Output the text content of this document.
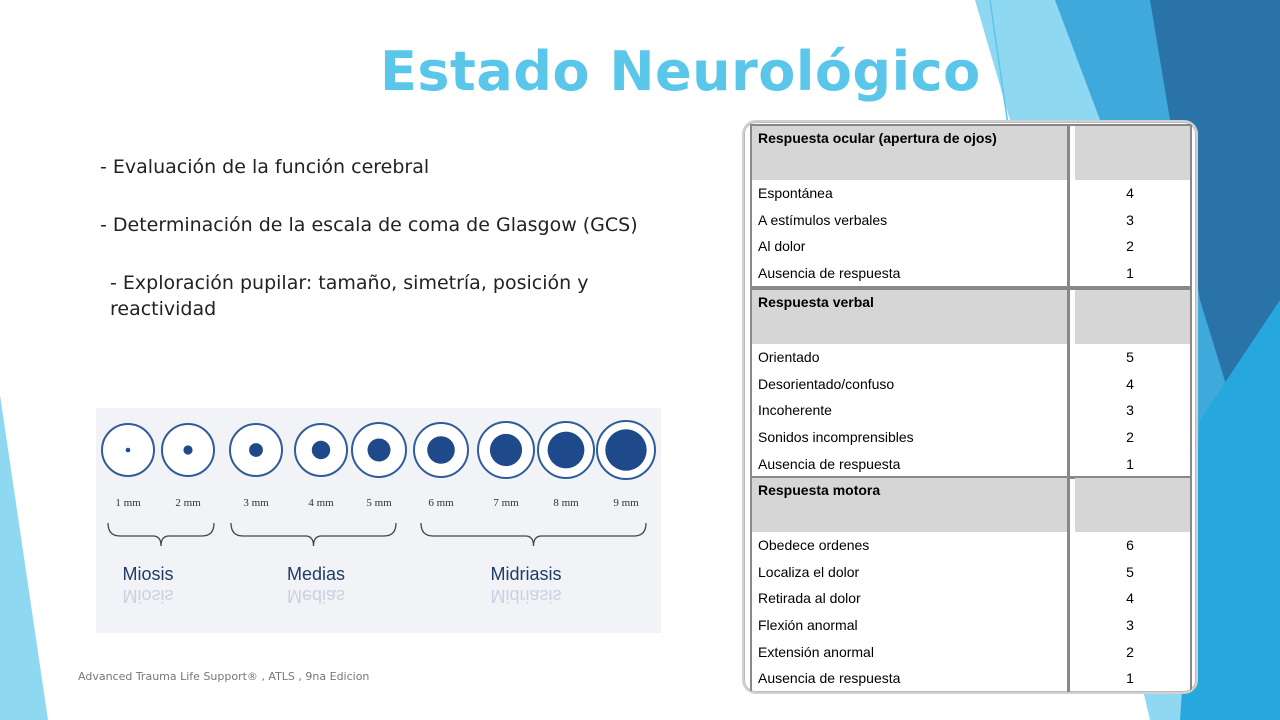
Estado Neurológico
- Evaluación de la función cerebral
- Determinación de la escala de coma de Glasgow (GCS)
- Exploración pupilar: tamaño, simetría, posición y reactividad
1 mm	2 mm	3 mm	4 mm	5 mm	6 mm	7 mm	8 mm	9 mm
Miosis
Miosis
Medias
Medias
Midriasis
Midriasis
Respuesta ocular (apertura de ojos)
Espontánea	4
A estímulos verbales	3
Al dolor	2
Ausencia de respuesta	1
Respuesta verbal
Orientado	5
Desorientado/confuso	4
Incoherente	3
Sonidos incomprensibles	2
Ausencia de respuesta	1
Respuesta motora
Obedece ordenes	6
Localiza el dolor	5
Retirada al dolor	4
Flexión anormal	3
Extensión anormal	2
Ausencia de respuesta	1
Advanced Trauma Life Support® , ATLS , 9na Edicion
